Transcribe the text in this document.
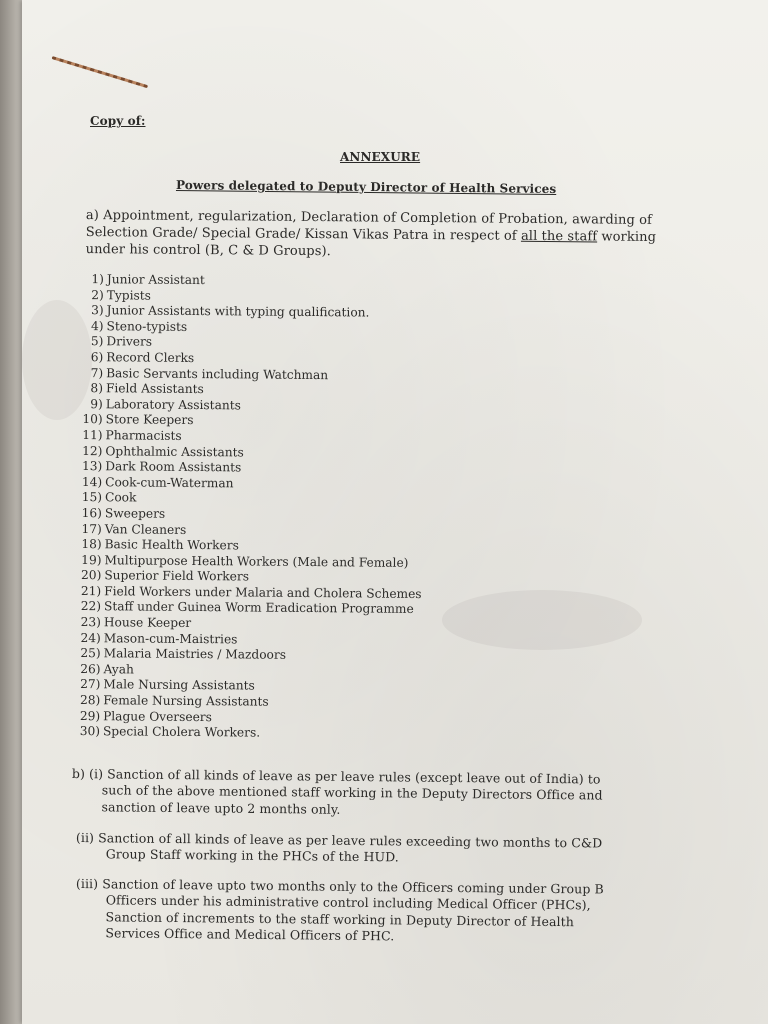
Copy of:
ANNEXURE
Powers delegated to Deputy Director of Health Services
a) Appointment, regularization, Declaration of Completion of Probation, awarding of Selection Grade/ Special Grade/ Kissan Vikas Patra in respect of all the staff working under his control (B, C & D Groups).
1) Junior Assistant
2) Typists
3) Junior Assistants with typing qualification.
4) Steno-typists
5) Drivers
6) Record Clerks
7) Basic Servants including Watchman
8) Field Assistants
9) Laboratory Assistants
10) Store Keepers
11) Pharmacists
12) Ophthalmic Assistants
13) Dark Room Assistants
14) Cook-cum-Waterman
15) Cook
16) Sweepers
17) Van Cleaners
18) Basic Health Workers
19) Multipurpose Health Workers (Male and Female)
20) Superior Field Workers
21) Field Workers under Malaria and Cholera Schemes
22) Staff under Guinea Worm Eradication Programme
23) House Keeper
24) Mason-cum-Maistries
25) Malaria Maistries / Mazdoors
26) Ayah
27) Male Nursing Assistants
28) Female Nursing Assistants
29) Plague Overseers
30) Special Cholera Workers.
b) (i) Sanction of all kinds of leave as per leave rules (except leave out of India) to
such of the above mentioned staff working in the Deputy Directors Office and
sanction of leave upto 2 months only.
(ii) Sanction of all kinds of leave as per leave rules exceeding two months to C&D
Group Staff working in the PHCs of the HUD.
(iii) Sanction of leave upto two months only to the Officers coming under Group B
Officers under his administrative control including Medical Officer (PHCs),
Sanction of increments to the staff working in Deputy Director of Health
Services Office and Medical Officers of PHC.
